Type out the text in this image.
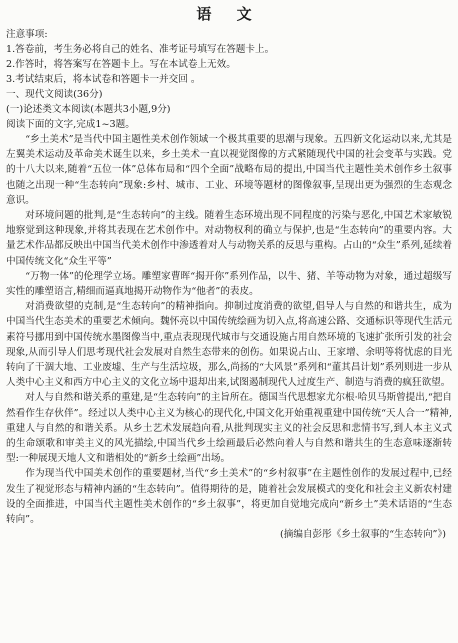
语 文
注意事项:
1.答卷前，考生务必将自己的姓名、准考证号填写在答题卡上。
2.作答时，将答案写在答题卡上。写在本试卷上无效。
3.考试结束后，将本试卷和答题卡一并交回 。
一、现代文阅读(36分)
(一)论述类文本阅读(本题共3小题,9分)
阅读下面的文字,完成1~3题。
“乡土美术”是当代中国主题性美术创作领域一个极其重要的思潮与现象。五四新文化运动以来,尤其是左翼美术运动及革命美术诞生以来，乡土美术一直以视觉图像的方式紧随现代中国的社会变革与实践。党的十八大以来,随着“五位一体”总体布局和“四个全面”战略布局的提出,中国当代主题性美术创作乡土叙事也随之出现一种“生态转向”现象:乡村、城市、工业、环境等题材的图像叙事,呈现出更为强烈的生态观念意识。
对环境问题的批判,是“生态转向”的主线。随着生态环境出现不同程度的污染与恶化,中国艺术家敏锐地察觉到这种现象,并将其表现在艺术创作中。对动物权利的确立与保护,也是“生态转向”的重要内容。大量艺术作品都反映出中国当代美术创作中渗透着对人与动物关系的反思与重构。占山的“众生”系列,延续着中国传统文化“众生平等”
“万物一体”的伦理学立场。雕塑家曹晖“揭开你”系列作品，以牛、猪、羊等动物为对象，通过超级写实性的雕塑语言,精细而逼真地揭开动物作为“他者”的表皮。
对消费欲望的克制,是“生态转向”的精神指向。抑制过度消费的欲望,倡导人与自然的和谐共生，成为中国当代生态美术的重要艺术倾向。魏怀亮以中国传统绘画为切入点,将高速公路、交通标识等现代生活元素符号挪用到中国传统水墨图像当中,重点表现现代城市与交通设施占用自然环境的飞速扩张所引发的社会现象,从而引导人们思考现代社会发展对自然生态带来的创伤。如果说占山、王家增、余明等将忧虑的目光转向了干涸大地、工业废墟、生产与生活垃圾，那么,尚扬的“大风景”系列和“董其昌计划”系列则进一步从人类中心主义和西方中心主义的文化立场中退却出来,试图遏制现代人过度生产、制造与消费的疯狂欲望。
对人与自然和谐关系的重建,是“生态转向”的主旨所在。德国当代思想家尤尔根·哈贝马斯曾提出,“把自然看作生存伙伴”。经过以人类中心主义为核心的现代化,中国文化开始重视重建中国传统“天人合一”精神,重建人与自然的和谐关系。从乡土艺术发展趋向看,从批判现实主义的社会反思和悲情书写,到人本主义式的生命颂歌和审美主义的风光描绘,中国当代乡土绘画最后必然向着人与自然和谐共生的生态意味逐渐转型:一种展现天地人文和谐相处的“新乡土绘画”出场。
作为现当代中国美术创作的重要题材,当代“乡土美术”的“乡村叙事”在主题性创作的发展过程中,已经发生了视觉形态与精神内涵的“生态转向”。值得期待的是，随着社会发展模式的变化和社会主义新农村建设的全面推进，中国当代主题性美术创作的“乡土叙事”，将更加自觉地完成向“新乡土”美术话语的“生态转向”。
(摘编自彭彤《乡土叙事的“生态转向”》)
